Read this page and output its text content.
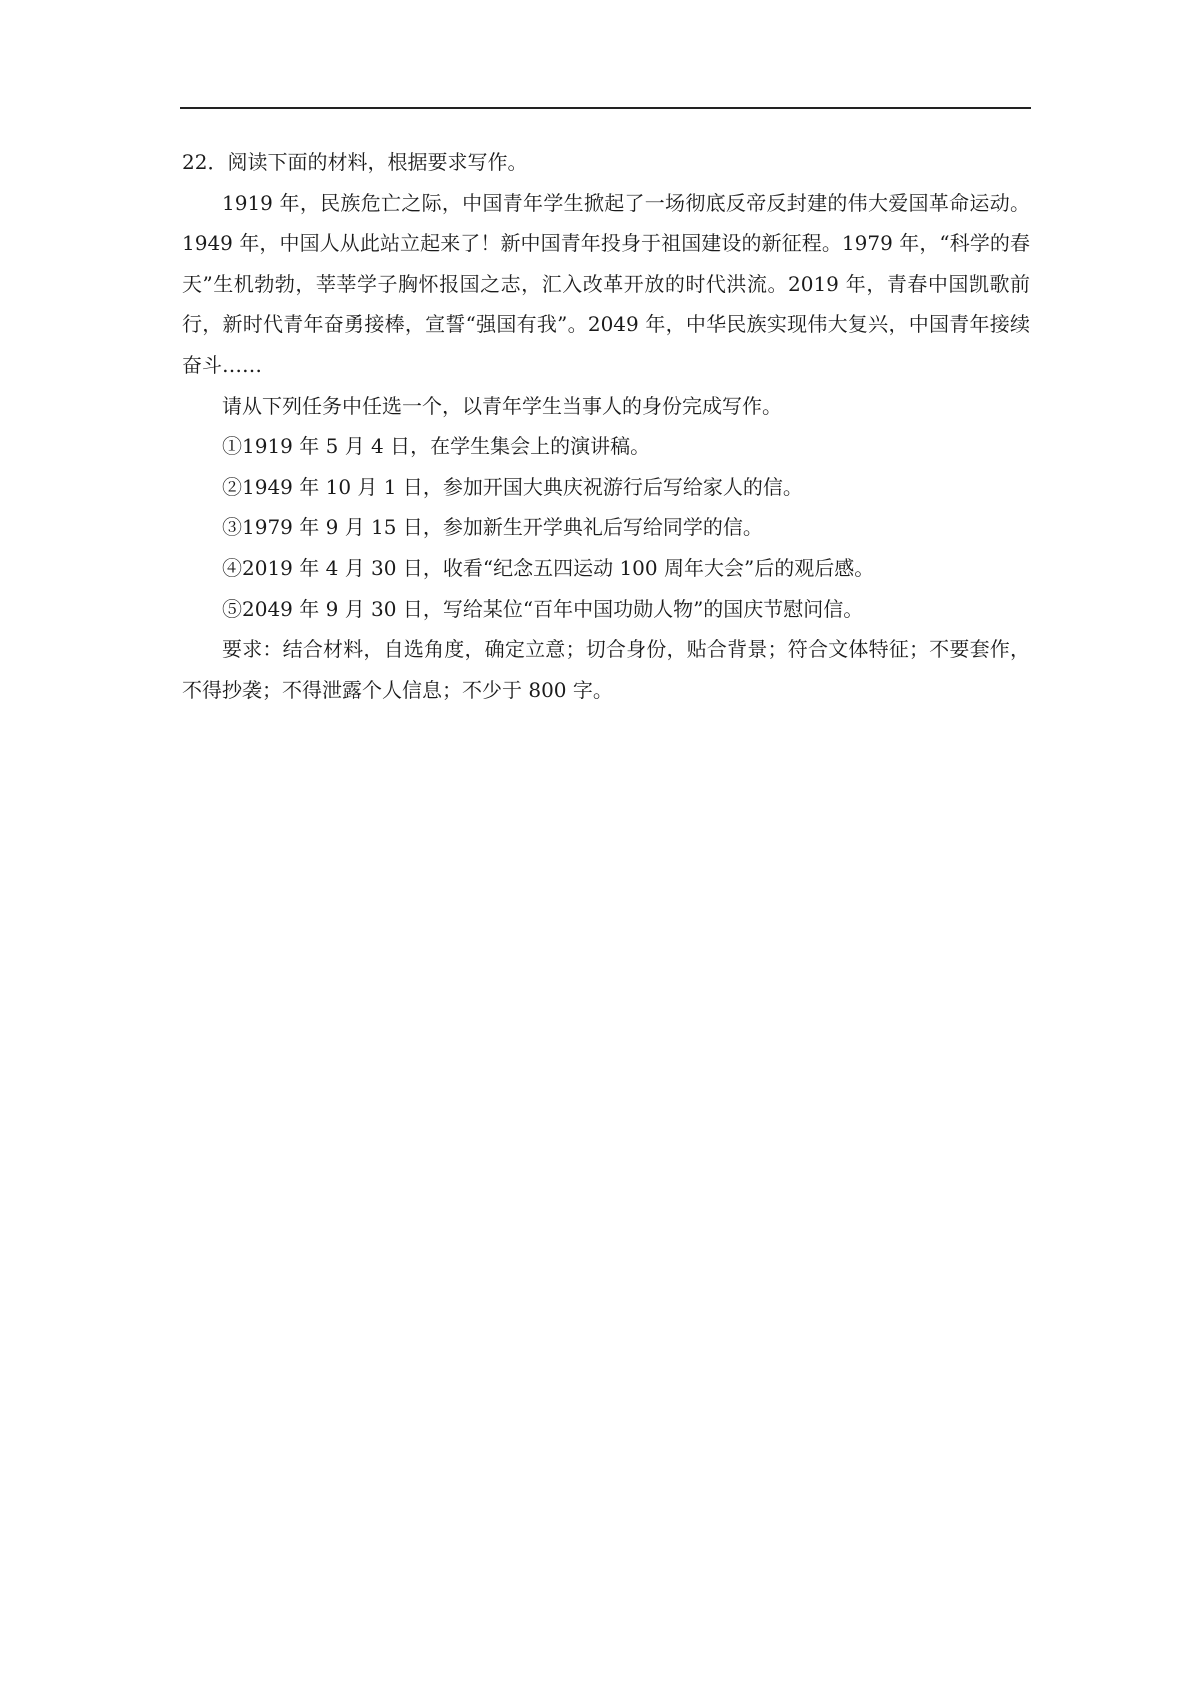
22．阅读下面的材料，根据要求写作。

1919 年，民族危亡之际，中国青年学生掀起了一场彻底反帝反封建的伟大爱国革命运动。1949 年，中国人从此站立起来了！新中国青年投身于祖国建设的新征程。1979 年，“科学的春天”生机勃勃，莘莘学子胸怀报国之志，汇入改革开放的时代洪流。2019 年，青春中国凯歌前行，新时代青年奋勇接棒，宣誓“强国有我”。2049 年，中华民族实现伟大复兴，中国青年接续奋斗……

请从下列任务中任选一个，以青年学生当事人的身份完成写作。

①1919 年 5 月 4 日，在学生集会上的演讲稿。

②1949 年 10 月 1 日，参加开国大典庆祝游行后写给家人的信。

③1979 年 9 月 15 日，参加新生开学典礼后写给同学的信。

④2019 年 4 月 30 日，收看“纪念五四运动 100 周年大会”后的观后感。

⑤2049 年 9 月 30 日，写给某位“百年中国功勋人物”的国庆节慰问信。

要求：结合材料，自选角度，确定立意；切合身份，贴合背景；符合文体特征；不要套作，不得抄袭；不得泄露个人信息；不少于 800 字。
